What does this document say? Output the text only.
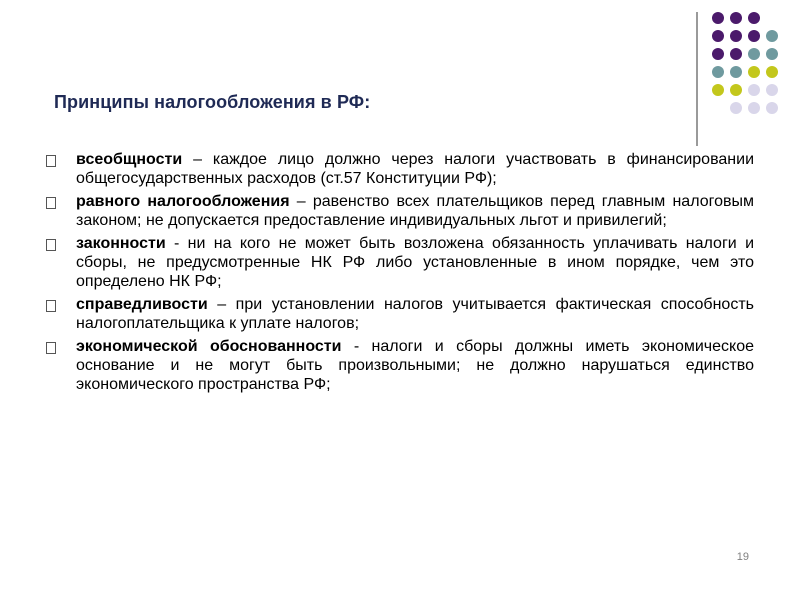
Принципы налогообложения в РФ:
всеобщности – каждое лицо должно через налоги участвовать в финансировании общегосударственных расходов (ст.57 Конституции РФ);
равного налогообложения – равенство всех плательщиков перед главным налоговым законом; не допускается предоставление индивидуальных льгот и привилегий;
законности - ни на кого не может быть возложена обязанность уплачивать налоги и сборы, не предусмотренные НК РФ либо установленные в ином порядке, чем это определено НК РФ;
справедливости – при установлении налогов учитывается фактическая способность налогоплательщика к уплате налогов;
экономической обоснованности - налоги и сборы должны иметь экономическое основание и не могут быть произвольными; не должно нарушаться единство экономического пространства РФ;
19
